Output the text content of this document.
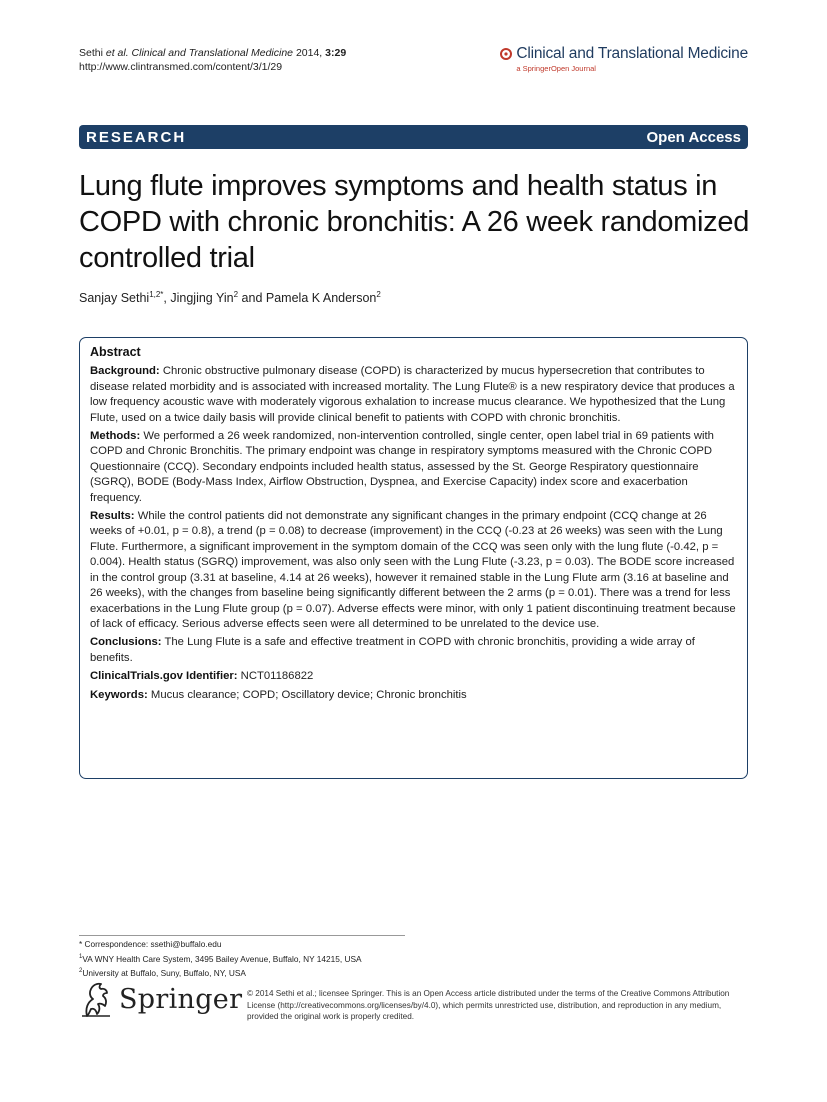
Sethi et al. Clinical and Translational Medicine 2014, 3:29
http://www.clintransmed.com/content/3/1/29
Clinical and Translational Medicine
a SpringerOpen Journal
RESEARCH	Open Access
Lung flute improves symptoms and health status in COPD with chronic bronchitis: A 26 week randomized controlled trial
Sanjay Sethi$^{1,2*}$, Jingjing Yin$^2$ and Pamela K Anderson$^2$
Abstract

Background: Chronic obstructive pulmonary disease (COPD) is characterized by mucus hypersecretion that contributes to disease related morbidity and is associated with increased mortality. The Lung Flute® is a new respiratory device that produces a low frequency acoustic wave with moderately vigorous exhalation to increase mucus clearance. We hypothesized that the Lung Flute, used on a twice daily basis will provide clinical benefit to patients with COPD with chronic bronchitis.

Methods: We performed a 26 week randomized, non-intervention controlled, single center, open label trial in 69 patients with COPD and Chronic Bronchitis. The primary endpoint was change in respiratory symptoms measured with the Chronic COPD Questionnaire (CCQ). Secondary endpoints included health status, assessed by the St. George Respiratory questionnaire (SGRQ), BODE (Body-Mass Index, Airflow Obstruction, Dyspnea, and Exercise Capacity) index score and exacerbation frequency.

Results: While the control patients did not demonstrate any significant changes in the primary endpoint (CCQ change at 26 weeks of +0.01, p = 0.8), a trend (p = 0.08) to decrease (improvement) in the CCQ (-0.23 at 26 weeks) was seen with the Lung Flute. Furthermore, a significant improvement in the symptom domain of the CCQ was seen only with the lung flute (-0.42, p = 0.004). Health status (SGRQ) improvement, was also only seen with the Lung Flute (-3.23, p = 0.03). The BODE score increased in the control group (3.31 at baseline, 4.14 at 26 weeks), however it remained stable in the Lung Flute arm (3.16 at baseline and 26 weeks), with the changes from baseline being significantly different between the 2 arms (p = 0.01). There was a trend for less exacerbations in the Lung Flute group (p = 0.07). Adverse effects were minor, with only 1 patient discontinuing treatment because of lack of efficacy. Serious adverse effects seen were all determined to be unrelated to the device use.

Conclusions: The Lung Flute is a safe and effective treatment in COPD with chronic bronchitis, providing a wide array of benefits.

ClinicalTrials.gov Identifier: NCT01186822

Keywords: Mucus clearance; COPD; Oscillatory device; Chronic bronchitis

* Correspondence: ssethi@buffalo.edu
$^1$VA WNY Health Care System, 3495 Bailey Avenue, Buffalo, NY 14215, USA
$^2$University at Buffalo, Suny, Buffalo, NY, USA
Springer © 2014 Sethi et al.; licensee Springer. This is an Open Access article distributed under the terms of the Creative Commons Attribution License (http://creativecommons.org/licenses/by/4.0), which permits unrestricted use, distribution, and reproduction in any medium, provided the original work is properly credited.
